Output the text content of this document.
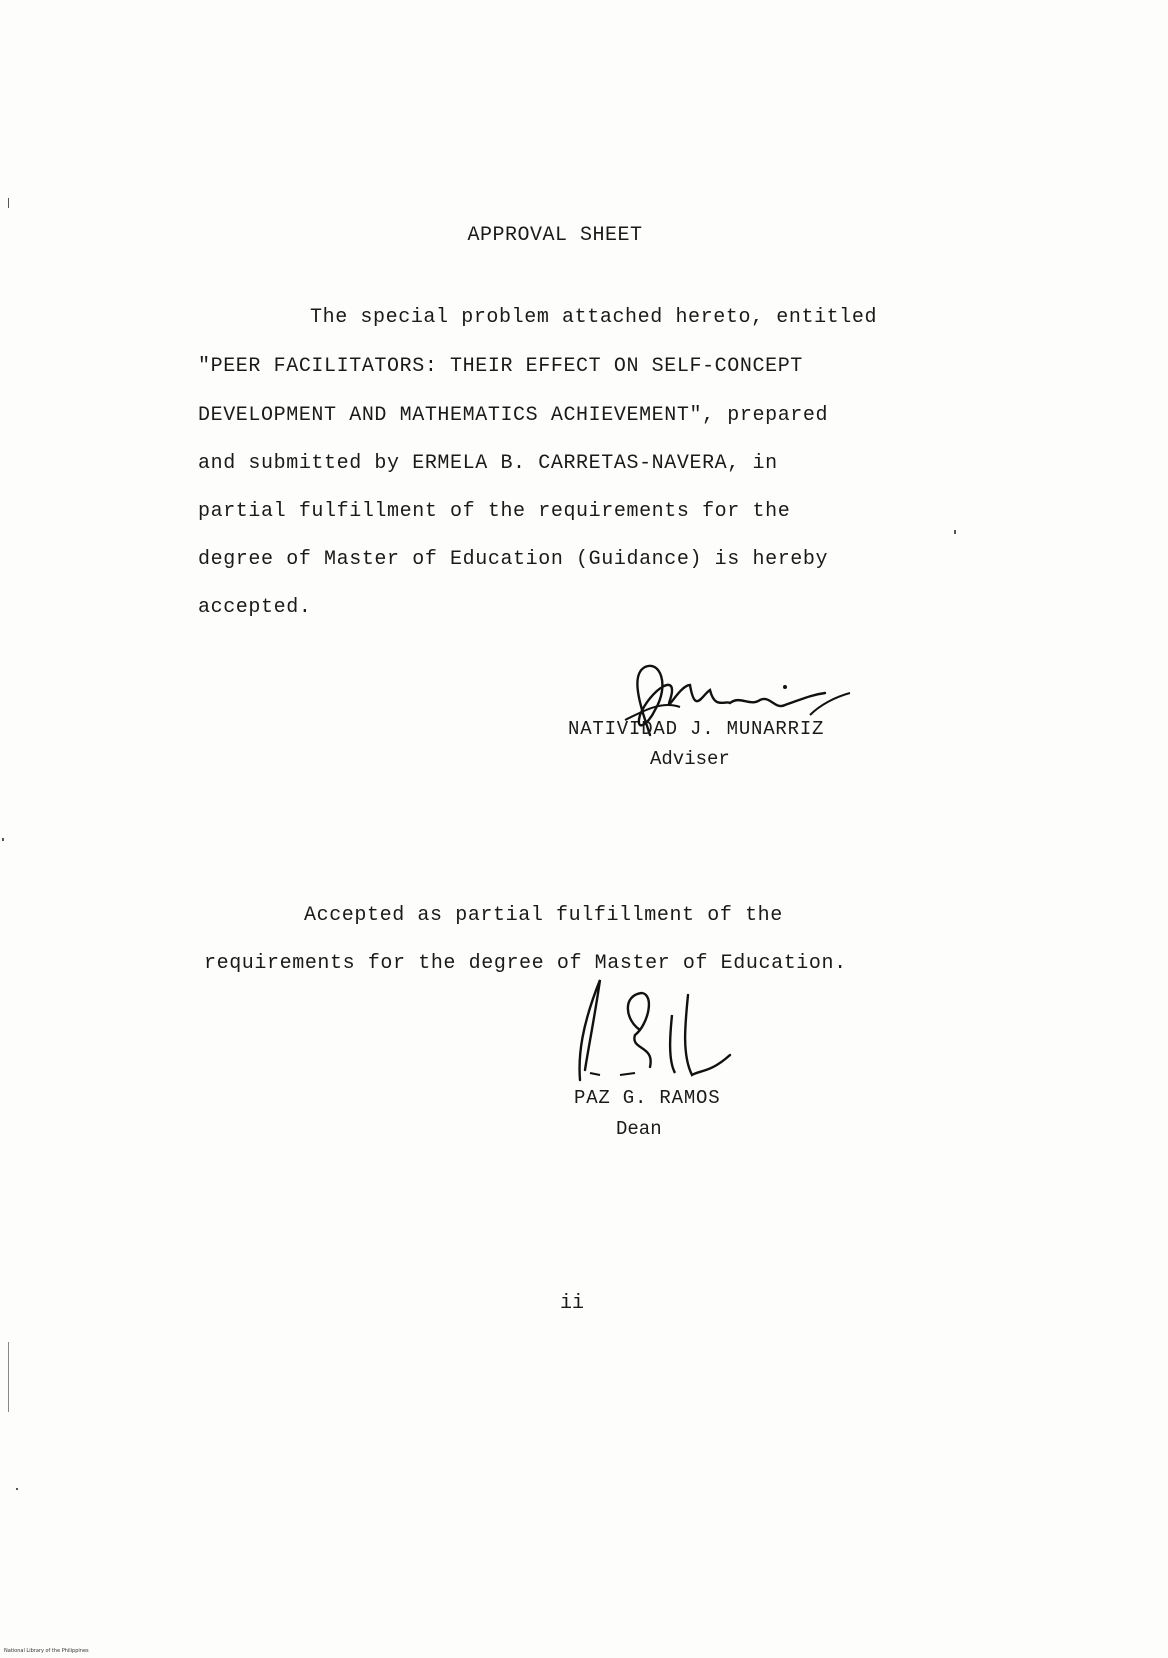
APPROVAL SHEET
The special problem attached hereto, entitled
"PEER FACILITATORS: THEIR EFFECT ON SELF-CONCEPT
DEVELOPMENT AND MATHEMATICS ACHIEVEMENT", prepared
and submitted by ERMELA B. CARRETAS-NAVERA, in
partial fulfillment of the requirements for the
degree of Master of Education (Guidance) is hereby
accepted.
NATIVIDAD J. MUNARRIZ
Adviser
Accepted as partial fulfillment of the
requirements for the degree of Master of Education.
PAZ G. RAMOS
Dean
ii
National Library of the Philippines
